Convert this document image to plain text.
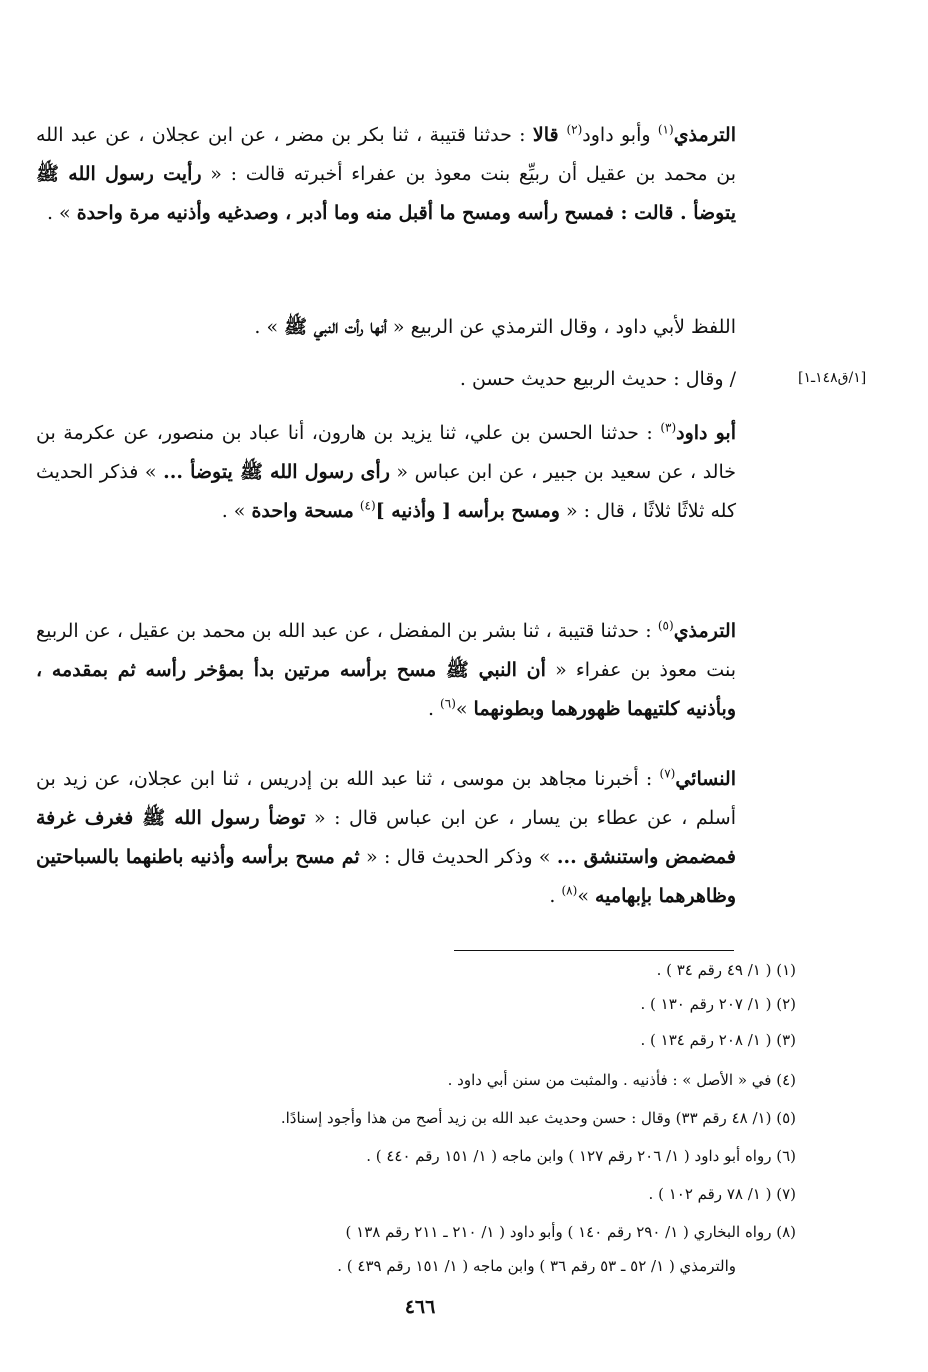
الترمذي$^{(١)}$ وأبو داود$^{(٢)}$ قالا : حدثنا قتيبة ، ثنا بكر بن مضر ، عن ابن عجلان ، عن عبد الله بن محمد بن عقيل أن ربيِّع بنت معوذ بن عفراء أخبرته قالت : « رأيت رسول الله ﷺ يتوضأ . قالت : فمسح رأسه ومسح ما أقبل منه وما أدبر ، وصدغيه وأذنيه مرة واحدة » .
اللفظ لأبي داود ، وقال الترمذي عن الربيع « أنها رأت النبي ﷺ » .
/ وقال : حديث الربيع حديث حسن .	[١/ق١٤٨ـ١]
أبو داود$^{(٣)}$ : حدثنا الحسن بن علي، ثنا يزيد بن هارون، أنا عباد بن منصور، عن عكرمة بن خالد ، عن سعيد بن جبير ، عن ابن عباس « رأى رسول الله ﷺ يتوضأ ... » فذكر الحديث كله ثلاثًا ثلاثًا ، قال : « ومسح برأسه [ وأذنيه ]$^{(٤)}$ مسحة واحدة » .
الترمذي$^{(٥)}$ : حدثنا قتيبة ، ثنا بشر بن المفضل ، عن عبد الله بن محمد بن عقيل ، عن الربيع بنت معوذ بن عفراء « أن النبي ﷺ مسح برأسه مرتين بدأ بمؤخر رأسه ثم بمقدمه ، وبأذنيه كلتيهما ظهورهما وبطونهما »$^{(٦)}$ .
النسائي$^{(٧)}$ : أخبرنا مجاهد بن موسى ، ثنا عبد الله بن إدريس ، ثنا ابن عجلان، عن زيد بن أسلم ، عن عطاء بن يسار ، عن ابن عباس قال : « توضأ رسول الله ﷺ فغرف غرفة فمضمض واستنشق ... » وذكر الحديث قال : « ثم مسح برأسه وأذنيه باطنهما بالسباحتين وظاهرهما بإبهاميه »$^{(٨)}$ .
(١) ( ١/ ٤٩ رقم ٣٤ ) .
(٢) ( ١/ ٢٠٧ رقم ١٣٠ ) .
(٣) ( ١/ ٢٠٨ رقم ١٣٤ ) .
(٤) في « الأصل » : فأذنيه . والمثبت من سنن أبي داود .
(٥) (١/ ٤٨ رقم ٣٣) وقال : حسن وحديث عبد الله بن زيد أصح من هذا وأجود إسنادًا.
(٦) رواه أبو داود ( ١/ ٢٠٦ رقم ١٢٧ ) وابن ماجه ( ١/ ١٥١ رقم ٤٤٠ ) .
(٧) ( ١/ ٧٨ رقم ١٠٢ ) .
(٨) رواه البخاري ( ١/ ٢٩٠ رقم ١٤٠ ) وأبو داود ( ١/ ٢١٠ ـ ٢١١ رقم ١٣٨ )
والترمذي ( ١/ ٥٢ ـ ٥٣ رقم ٣٦ ) وابن ماجه ( ١/ ١٥١ رقم ٤٣٩ ) .
٤٦٦
